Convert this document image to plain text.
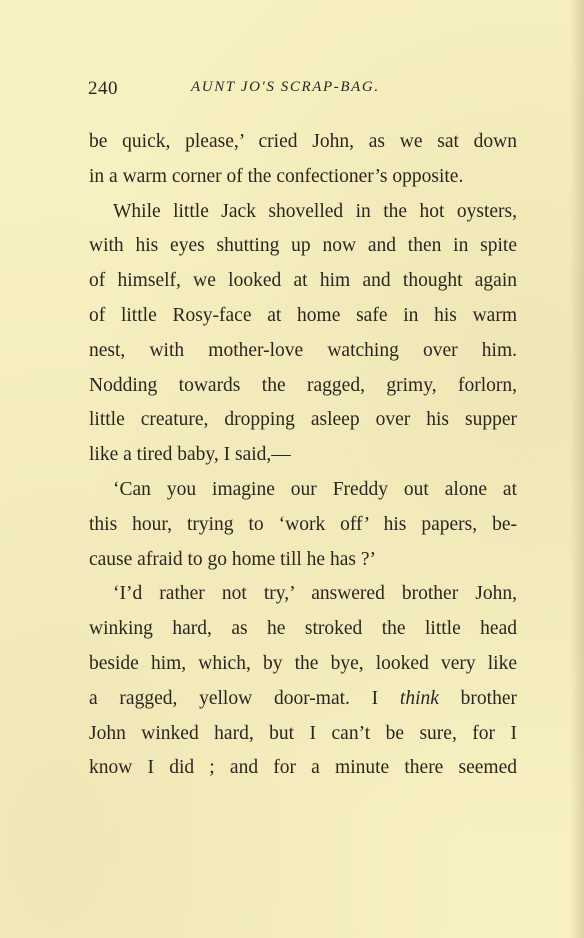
240	AUNT JO'S SCRAP-BAG.
be quick, please,’ cried John, as we sat down
in a warm corner of the confectioner’s opposite.
While little Jack shovelled in the hot oysters,
with his eyes shutting up now and then in spite
of himself, we looked at him and thought again
of little Rosy-face at home safe in his warm
nest, with mother-love watching over him.
Nodding towards the ragged, grimy, forlorn,
little creature, dropping asleep over his supper
like a tired baby, I said,—
‘Can you imagine our Freddy out alone at
this hour, trying to ‘work off’ his papers, be-
cause afraid to go home till he has ?’
‘I’d rather not try,’ answered brother John,
winking hard, as he stroked the little head
beside him, which, by the bye, looked very like
a ragged, yellow door-mat. I think brother
John winked hard, but I can’t be sure, for I
know I did ; and for a minute there seemed
